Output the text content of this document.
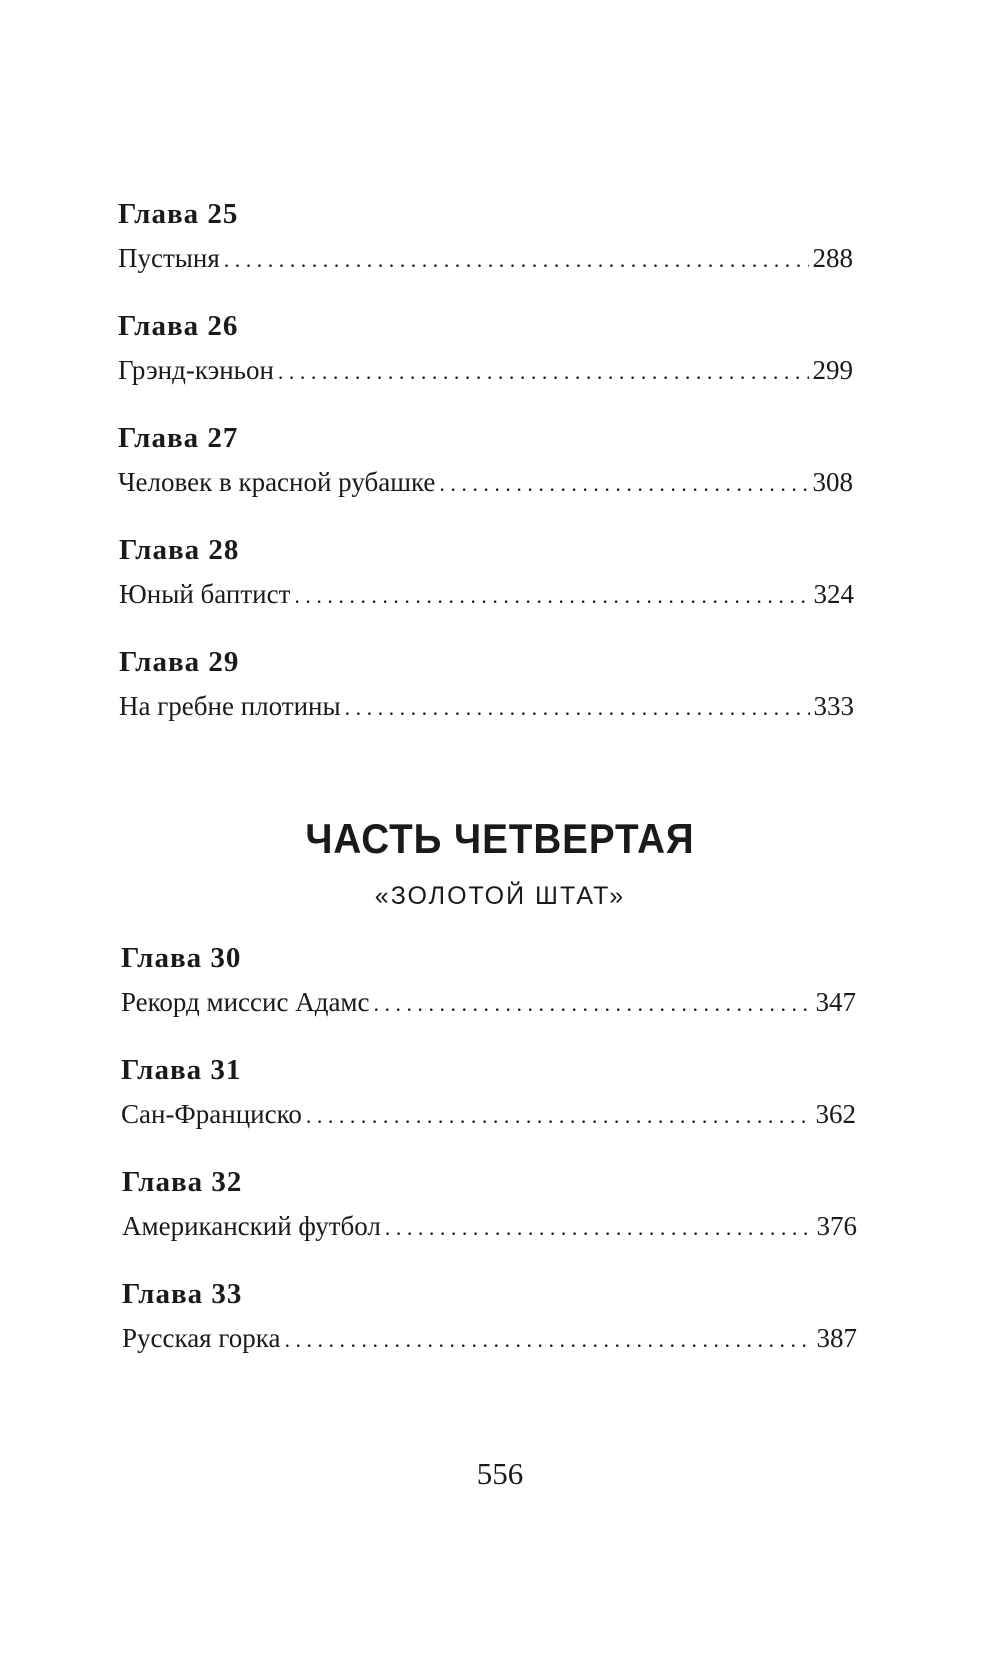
Глава 25
Пустыня . . .	288
Глава 26
Грэнд-кэньон . . .	299
Глава 27
Человек в красной рубашке . . .	308
Глава 28
Юный баптист . . .	324
Глава 29
На гребне плотины . . .	333
ЧАСТЬ ЧЕТВЕРТАЯ
«ЗОЛОТОЙ ШТАТ»
Глава 30
Рекорд миссис Адамс . . .	347
Глава 31
Сан-Франциско . . .	362
Глава 32
Американский футбол . . .	376
Глава 33
Русская горка . . .	387
556
